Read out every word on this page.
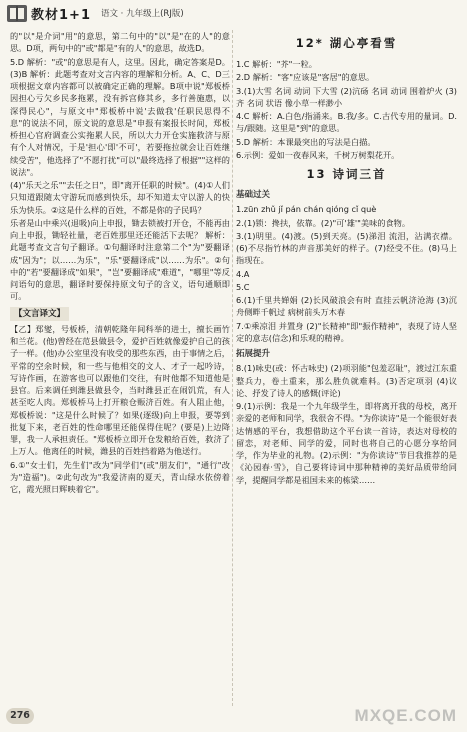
教材1+1 语文 · 九年级上(RJ版)

的"以"是介词"用"的意思，第二句中的"以"是"在的人"的意思。D项，两句中的"或"都是"有的人"的意思，故选D。

5.D 解析："或"的意思是有人，这里。因此，确定答案是D。(3)B 解析：此题考查对文言内容的理解和分析。A、C、D三项根据文章内容都可以被确定正确的理解。B项中说"郑板桥因担心亏欠乡民多拖累，没有拆宫修其乡，多行善施惠，以深得民心"，与原文中"郑板桥中说'去做我'任职民思得不息"的说法不同，原文说的意思是"申报有案报长时间，郑板桥担心官府调查公实拖累人民，所以大力开仓实施救济与原有个人对情况，于是'担心'即'不可'，若要拖拉就会让百姓继续受苦"，他选择了"不愿打扰"可以"最终选择了根据""这样的说法"。

(4)"乐天之乐""去任之日"，即"离开任职的时候"。(4)①人们只知道跟随太守游玩而感到快乐，却不知道太守以游人的快乐为快乐。②这是什么样的百姓，不都是你的子民吗？

乐者是山中乘兴(退吸)向上申报，锄去锁被打开仓，不能再由向上申报，锄轻社量，老百姓那里还还能活下去呢？ 解析：此题考查文言句子翻译。①句翻译时注意第二个"为"要翻译成"因为"；以……为乐"，"乐"要翻译成"以……为乐"。②句中的"若"要翻译成"如果"，"岂"要翻译成"难道"，"哪里"等反问语句的意思，翻译时要保持原文句子的含义，语句通顺即可。

【文言译文】

【乙】郑燮，号板桥，清朝乾隆年间科举的进士，擅长画竹和兰花。(他)曾经在范县做县令，爱护百姓就像爱护自己的孩子一样。(他)办公室里没有收受的那些东西，由于事情之后，平常的空余时候，和一些与他相交的文人、才子一起吟诗，写诗作画，在游客也可以跟他们交往，有时他都不知道他是县官。后来调任到潍县做县令，当时潍县正在闹饥荒，有人甚至吃人肉。郑板桥马上打开粮仓赈济百姓。有人阻止他，郑板桥说："这是什么时候了？如果(逐级)向上申报，要等到批复下来，老百姓的性命哪里还能保得住呢？(要是)上边降罪，我一人承担责任。"郑板桥立即开仓发粮给百姓，救济了上万人。他离任的时候，潍县的百姓挡着路为他送行。

6.①"女士们，先生们"改为"同学们"(或"朋友们"，"通行"改为"造福")。②此句改为"我爱济南的夏天，青山绿水依傍着它，霞光照日辉映着它"。

12* 湖心亭看雪

1.C 解析："芥"一粒。

2.D 解析："客"应该是"客居"的意思。

3.(1)大雪 名词 动词 下大雪 (2)沆砀 名词 动词 围着炉火 (3)齐 名词 状语 像小草一样渺小

4.C 解析：A.白色/指涌来。B.我/多。C.古代专用的量词。D.与/跟随。这里是"到"的意思。

5.D 解析：本课最突出的写法是白描。

6.示例：爱如一夜春风来，千树万树梨花开。

13 诗词三首
基础过关

1.zūn zhǔ jǐ pán chán qióng cǐ què

2.(1)锁：搀扶，依靠。(2)"可'雄'"美味的食物。

3.(1)明里。(4)渡。(5)到天亮。(5)涕泪 流泪，沾满衣襟。(6)不尽指竹林的声音那美好的样子。(7)经受不住。(8)马上指现在。

4.A

5.C

6.(1)千里共婵娟 (2)长风破浪会有时 直挂云帆济沧海 (3)沉舟侧畔千帆过 病树前头万木春

7.①乘凉泪 并置身 (2)"长精神"即"振作精神"，表现了诗人坚定的意志(信念)和乐观的精神。

拓展提升

8.(1)咏史(或：怀古咏史) (2)项羽能"包羞忍耻"，渡过江东重整兵力，卷土重来，那么胜负就难料。(3)否定项羽 (4)议论、抒发了诗人的感慨(评论)

9.(1)示例：我是一个九年级学生，即将离开我的母校，离开亲爱的老师和同学，我很舍不得。"为你读诗"是一个能很好表达情感的平台，我想借助这个平台读一首诗，表达对母校的留恋，对老师、同学的爱，同时也将自己的心愿分享给同学，作为毕业的礼物。(2)示例："为你读诗"节目我推荐的是《沁园春·雪》，自己要将诗词中那种精神的美好品质带给同学，提醒同学都是祖国未来的栋梁……

276	MXQE.COM
